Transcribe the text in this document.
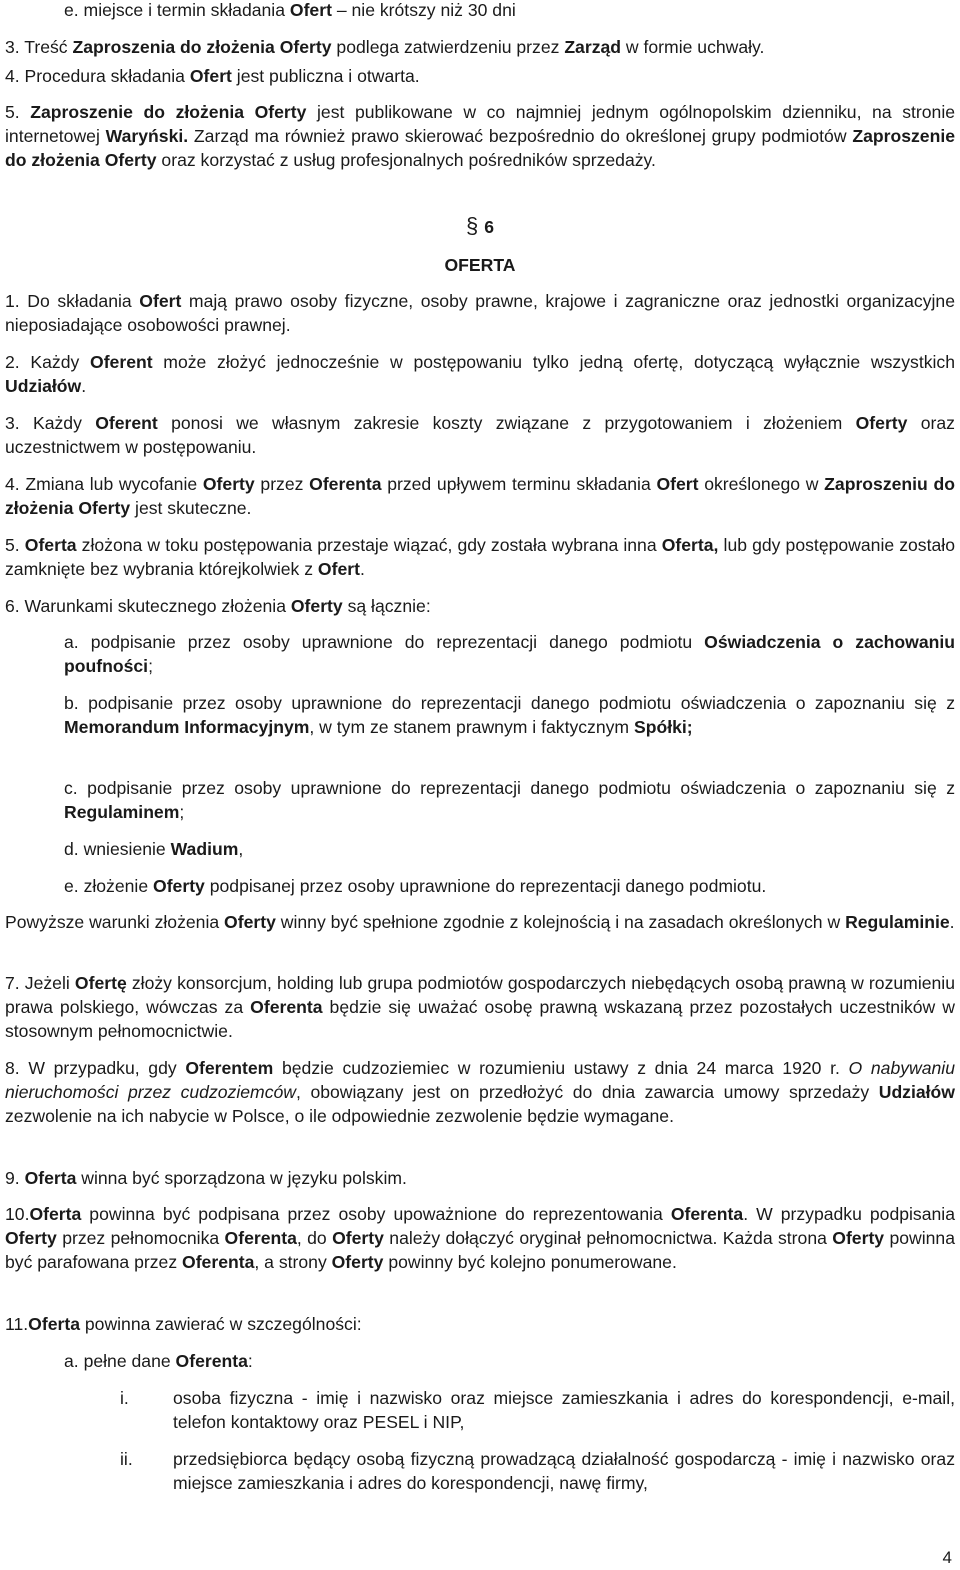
e. miejsce i termin składania Ofert – nie krótszy niż 30 dni
3. Treść Zaproszenia do złożenia Oferty podlega zatwierdzeniu przez Zarząd w formie uchwały.
4. Procedura składania Ofert jest publiczna i otwarta.
5. Zaproszenie do złożenia Oferty jest publikowane w co najmniej jednym ogólnopolskim dzienniku, na stronie internetowej Waryński. Zarząd ma również prawo skierować bezpośrednio do określonej grupy podmiotów Zaproszenie do złożenia Oferty oraz korzystać z usług profesjonalnych pośredników sprzedaży.
§ 6
OFERTA
1. Do składania Ofert mają prawo osoby fizyczne, osoby prawne, krajowe i zagraniczne oraz jednostki organizacyjne nieposiadające osobowości prawnej.
2. Każdy Oferent może złożyć jednocześnie w postępowaniu tylko jedną ofertę, dotyczącą wyłącznie wszystkich Udziałów.
3. Każdy Oferent ponosi we własnym zakresie koszty związane z przygotowaniem i złożeniem Oferty oraz uczestnictwem w postępowaniu.
4. Zmiana lub wycofanie Oferty przez Oferenta przed upływem terminu składania Ofert określonego w Zaproszeniu do złożenia Oferty jest skuteczne.
5. Oferta złożona w toku postępowania przestaje wiązać, gdy została wybrana inna Oferta, lub gdy postępowanie zostało zamknięte bez wybrania którejkolwiek z Ofert.
6. Warunkami skutecznego złożenia Oferty są łącznie:
a. podpisanie przez osoby uprawnione do reprezentacji danego podmiotu Oświadczenia o zachowaniu poufności;
b. podpisanie przez osoby uprawnione do reprezentacji danego podmiotu oświadczenia o zapoznaniu się z Memorandum Informacyjnym, w tym ze stanem prawnym i faktycznym Spółki;
c. podpisanie przez osoby uprawnione do reprezentacji danego podmiotu oświadczenia o zapoznaniu się z Regulaminem;
d. wniesienie Wadium,
e. złożenie Oferty podpisanej przez osoby uprawnione do reprezentacji danego podmiotu.
Powyższe warunki złożenia Oferty winny być spełnione zgodnie z kolejnością i na zasadach określonych w Regulaminie.
7. Jeżeli Ofertę złoży konsorcjum, holding lub grupa podmiotów gospodarczych niebędących osobą prawną w rozumieniu prawa polskiego, wówczas za Oferenta będzie się uważać osobę prawną wskazaną przez pozostałych uczestników w stosownym pełnomocnictwie.
8. W przypadku, gdy Oferentem będzie cudzoziemiec w rozumieniu ustawy z dnia 24 marca 1920 r. O nabywaniu nieruchomości przez cudzoziemców, obowiązany jest on przedłożyć do dnia zawarcia umowy sprzedaży Udziałów zezwolenie na ich nabycie w Polsce, o ile odpowiednie zezwolenie będzie wymagane.
9. Oferta winna być sporządzona w języku polskim.
10.Oferta powinna być podpisana przez osoby upoważnione do reprezentowania Oferenta. W przypadku podpisania Oferty przez pełnomocnika Oferenta, do Oferty należy dołączyć oryginał pełnomocnictwa. Każda strona Oferty powinna być parafowana przez Oferenta, a strony Oferty powinny być kolejno ponumerowane.
11.Oferta powinna zawierać w szczególności:
a. pełne dane Oferenta:
i.	osoba fizyczna - imię i nazwisko oraz miejsce zamieszkania i adres do korespondencji, e-mail, telefon kontaktowy oraz PESEL i NIP,
ii.	przedsiębiorca będący osobą fizyczną prowadzącą działalność gospodarczą - imię i nazwisko oraz miejsce zamieszkania i adres do korespondencji, nawę firmy,
4
